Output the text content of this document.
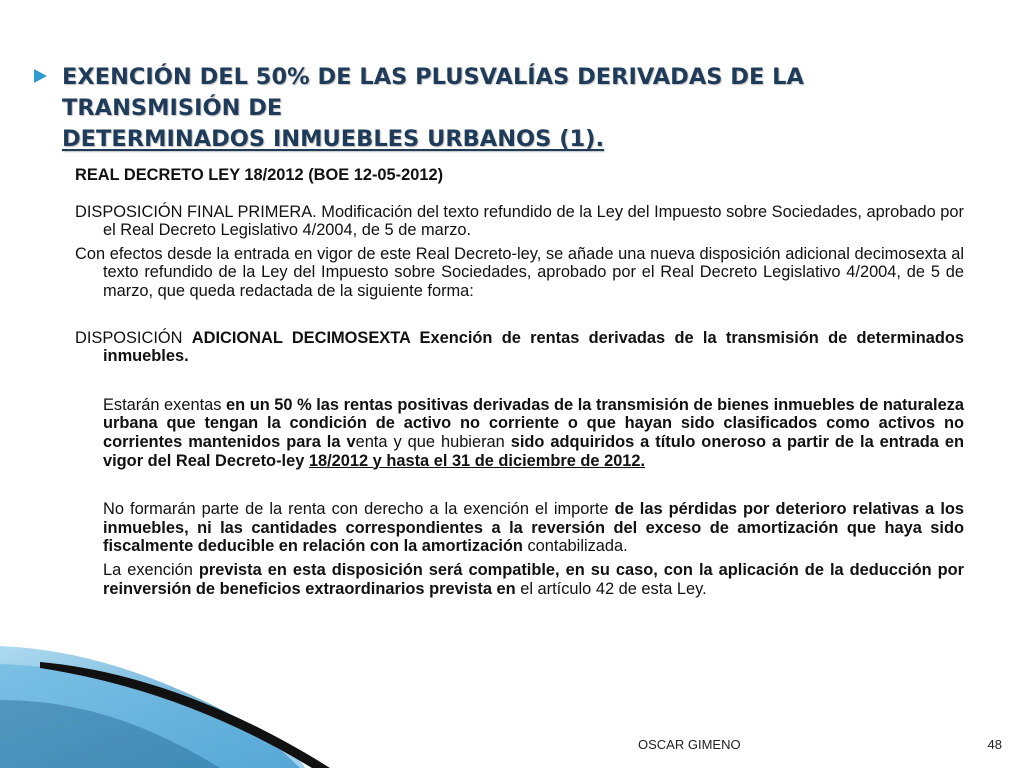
EXENCIÓN DEL 50% DE LAS PLUSVALÍAS DERIVADAS DE LA TRANSMISIÓN DE
DETERMINADOS INMUEBLES URBANOS (1).

REAL DECRETO LEY 18/2012 (BOE 12-05-2012)

DISPOSICIÓN FINAL PRIMERA. Modificación del texto refundido de la Ley del Impuesto sobre Sociedades, aprobado por el Real Decreto Legislativo 4/2004, de 5 de marzo.

Con efectos desde la entrada en vigor de este Real Decreto-ley, se añade una nueva disposición adicional decimosexta al texto refundido de la Ley del Impuesto sobre Sociedades, aprobado por el Real Decreto Legislativo 4/2004, de 5 de marzo, que queda redactada de la siguiente forma:

DISPOSICIÓN ADICIONAL DECIMOSEXTA Exención de rentas derivadas de la transmisión de determinados inmuebles.

Estarán exentas en un 50 % las rentas positivas derivadas de la transmisión de bienes inmuebles de naturaleza urbana que tengan la condición de activo no corriente o que hayan sido clasificados como activos no corrientes mantenidos para la venta y que hubieran sido adquiridos a título oneroso a partir de la entrada en vigor del Real Decreto-ley 18/2012 y hasta el 31 de diciembre de 2012.

No formarán parte de la renta con derecho a la exención el importe de las pérdidas por deterioro relativas a los inmuebles, ni las cantidades correspondientes a la reversión del exceso de amortización que haya sido fiscalmente deducible en relación con la amortización contabilizada.

La exención prevista en esta disposición será compatible, en su caso, con la aplicación de la deducción por reinversión de beneficios extraordinarios prevista en el artículo 42 de esta Ley.

OSCAR GIMENO	48
